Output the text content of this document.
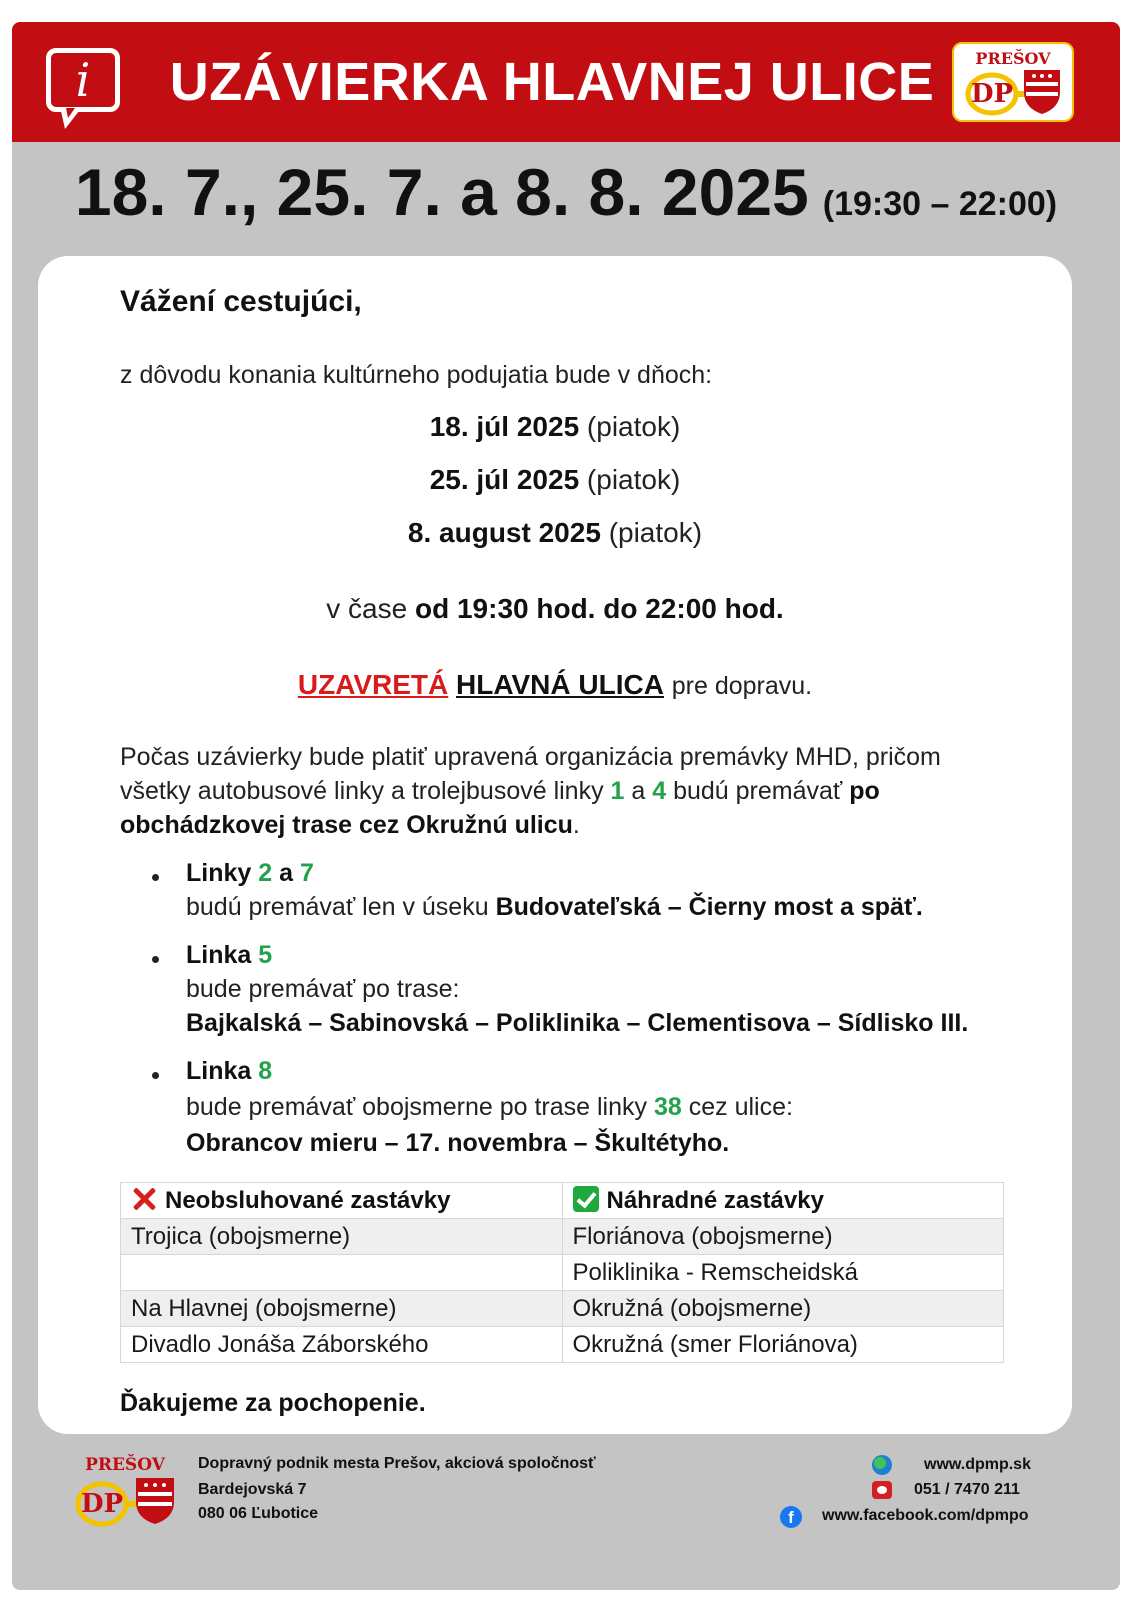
i	UZÁVIERKA HLAVNEJ ULICE	PREŠOV
DP
18. 7., 25. 7. a 8. 8. 2025 (19:30 – 22:00)
Vážení cestujúci,
z dôvodu konania kultúrneho podujatia bude v dňoch:
18. júl 2025 (piatok)
25. júl 2025 (piatok)
8. august 2025 (piatok)
v čase od 19:30 hod. do 22:00 hod.
UZAVRETÁ HLAVNÁ ULICA pre dopravu.
Počas uzávierky bude platiť upravená organizácia premávky MHD, pričom
všetky autobusové linky a trolejbusové linky 1 a 4 budú premávať po
obchádzkovej trase cez Okružnú ulicu.
Linky 2 a 7
budú premávať len v úseku Budovateľská – Čierny most a späť.
Linka 5
bude premávať po trase:
Bajkalská – Sabinovská – Poliklinika – Clementisova – Sídlisko III.
Linka 8
bude premávať obojsmerne po trase linky 38 cez ulice:
Obrancov mieru – 17. novembra – Škultétyho.
Neobsluhované zastávky	Náhradné zastávky
Trojica (obojsmerne)	Floriánova (obojsmerne)
	Poliklinika - Remscheidská
Na Hlavnej (obojsmerne)	Okružná (obojsmerne)
Divadlo Jonáša Záborského	Okružná (smer Floriánova)
Ďakujeme za pochopenie.
PREŠOV
DP
Dopravný podnik mesta Prešov, akciová spoločnosť
Bardejovská 7
080 06 Ľubotice
www.dpmp.sk
051 / 7470 211
f	www.facebook.com/dpmpo
